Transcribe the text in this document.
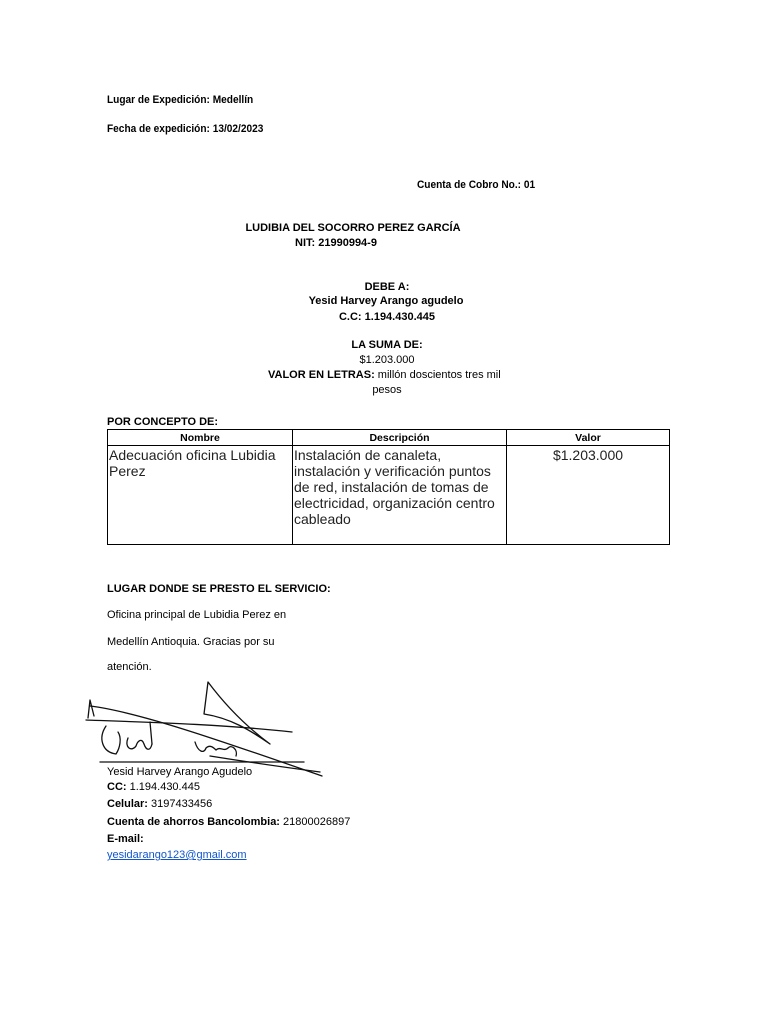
Lugar de Expedición: Medellín
Fecha de expedición: 13/02/2023
Cuenta de Cobro No.: 01
LUDIBIA DEL SOCORRO PEREZ GARCÍA
NIT: 21990994-9
DEBE A:
Yesid Harvey Arango agudelo
C.C: 1.194.430.445
LA SUMA DE:
$1.203.000
VALOR EN LETRAS: millón doscientos tres mil
pesos
POR CONCEPTO DE:
Nombre	Descripción	Valor
Adecuación oficina Lubidia Perez	Instalación de canaleta, instalación y verificación puntos de red, instalación de tomas de electricidad, organización centro cableado	$1.203.000
LUGAR DONDE SE PRESTO EL SERVICIO:
Oficina principal de Lubidia Perez en
Medellín Antioquia. Gracias por su
atención.
Yesid Harvey Arango Agudelo
CC: 1.194.430.445
Celular: 3197433456
Cuenta de ahorros Bancolombia: 21800026897
E-mail:
yesidarango123@gmail.com
